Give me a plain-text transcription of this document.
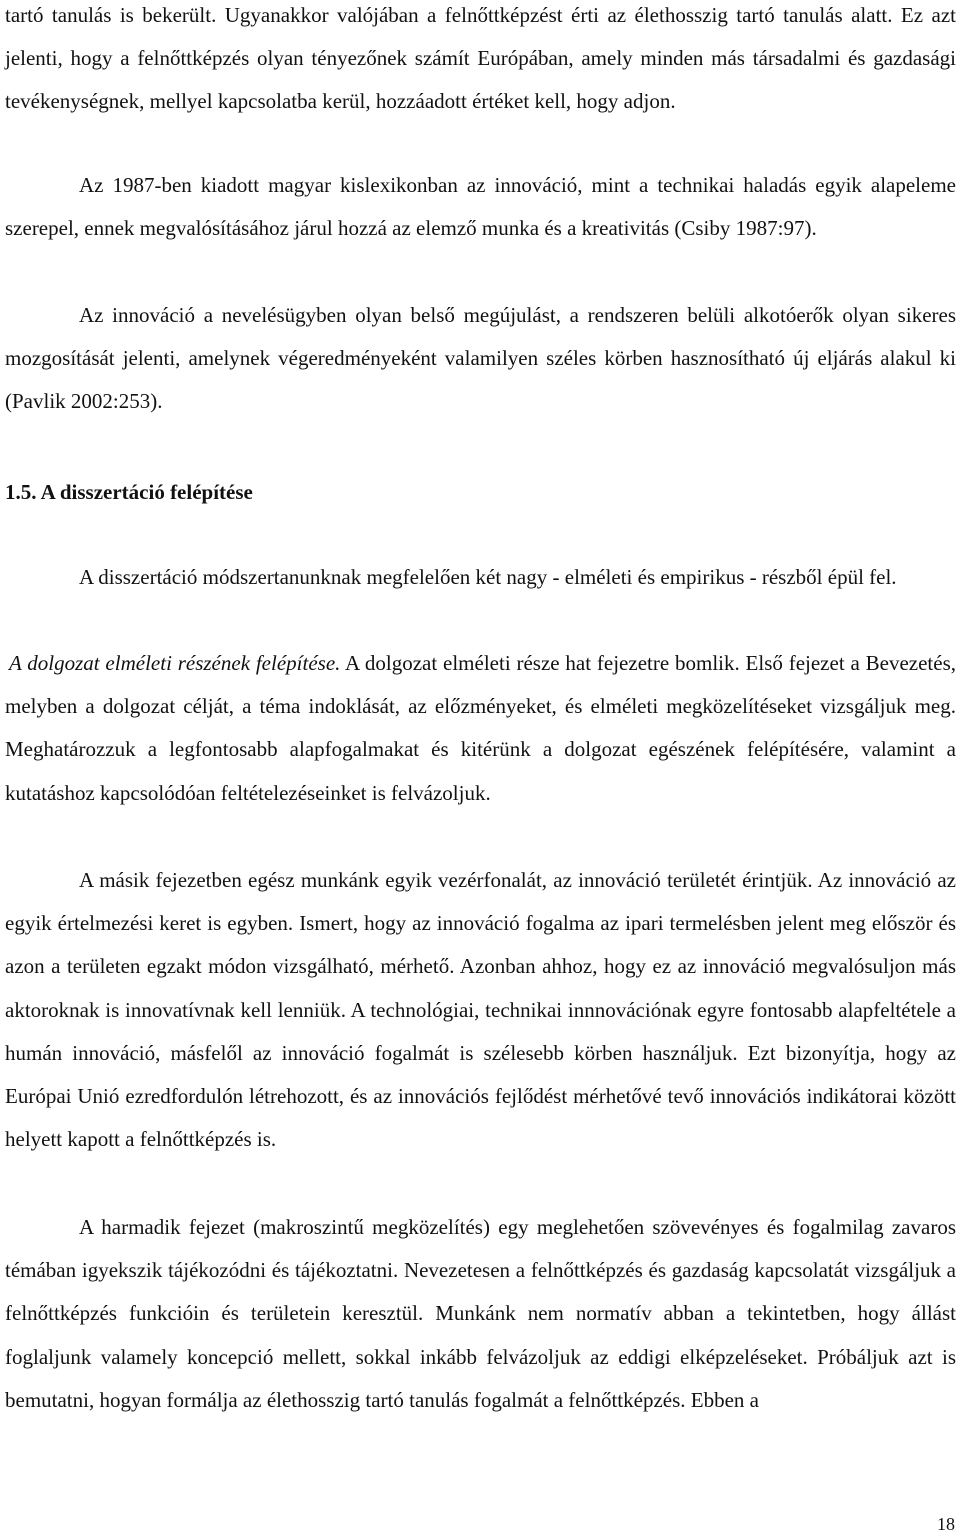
tartó tanulás is bekerült. Ugyanakkor valójában a felnőttképzést érti az élethosszig tartó tanulás alatt. Ez azt jelenti, hogy a felnőttképzés olyan tényezőnek számít Európában, amely minden más társadalmi és gazdasági tevékenységnek, mellyel kapcsolatba kerül, hozzáadott értéket kell, hogy adjon.

Az 1987-ben kiadott magyar kislexikonban az innováció, mint a technikai haladás egyik alapeleme szerepel, ennek megvalósításához járul hozzá az elemző munka és a kreativitás (Csiby 1987:97).

Az innováció a nevelésügyben olyan belső megújulást, a rendszeren belüli alkotóerők olyan sikeres mozgosítását jelenti, amelynek végeredményeként valamilyen széles körben hasznosítható új eljárás alakul ki (Pavlik 2002:253).

1.5. A disszertáció felépítése

A disszertáció módszertanunknak megfelelően két nagy - elméleti és empirikus - részből épül fel.

A dolgozat elméleti részének felépítése. A dolgozat elméleti része hat fejezetre bomlik. Első fejezet a Bevezetés, melyben a dolgozat célját, a téma indoklását, az előzményeket, és elméleti megközelítéseket vizsgáljuk meg. Meghatározzuk a legfontosabb alapfogalmakat és kitérünk a dolgozat egészének felépítésére, valamint a kutatáshoz kapcsolódóan feltételezéseinket is felvázoljuk.

A másik fejezetben egész munkánk egyik vezérfonalát, az innováció területét érintjük. Az innováció az egyik értelmezési keret is egyben. Ismert, hogy az innováció fogalma az ipari termelésben jelent meg először és azon a területen egzakt módon vizsgálható, mérhető. Azonban ahhoz, hogy ez az innováció megvalósuljon más aktoroknak is innovatívnak kell lenniük. A technológiai, technikai innnovációnak egyre fontosabb alapfeltétele a humán innováció, másfelől az innováció fogalmát is szélesebb körben használjuk. Ezt bizonyítja, hogy az Európai Unió ezredfordulón létrehozott, és az innovációs fejlődést mérhetővé tevő innovációs indikátorai között helyett kapott a felnőttképzés is.

A harmadik fejezet (makroszintű megközelítés) egy meglehetően szövevényes és fogalmilag zavaros témában igyekszik tájékozódni és tájékoztatni. Nevezetesen a felnőttképzés és gazdaság kapcsolatát vizsgáljuk a felnőttképzés funkcióin és területein keresztül. Munkánk nem normatív abban a tekintetben, hogy állást foglaljunk valamely koncepció mellett, sokkal inkább felvázoljuk az eddigi elképzeléseket. Próbáljuk azt is bemutatni, hogyan formálja az élethosszig tartó tanulás fogalmát a felnőttképzés. Ebben a

18
